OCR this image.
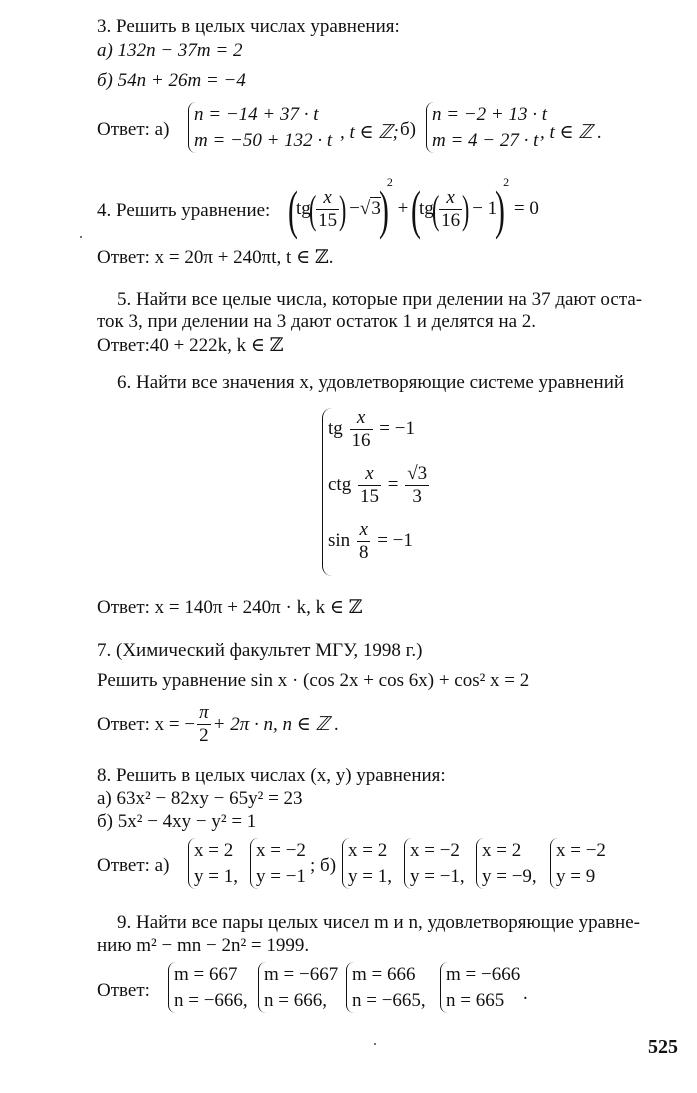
3. Решить в целых числах уравнения:
а) 132n − 37m = 2
б) 54n + 26m = −4
Ответ: а)
n = −14 + 37 · t
m = −50 + 132 · t , t ∈ ℤ; б)
n = −2 + 13 · t
m = 4 − 27 · t , t ∈ ℤ .
4. Решить уравнение: ($tg( \frac{x}{15}$ ) $-√3)^2 + (tg( \frac{x}{16}$ ) − 1)$^2$ = 0
Ответ: x = 20π + 240πt, t ∈ ℤ.
5. Найти все целые числа, которые при делении на 37 дают оста-
ток 3, при делении на 3 дают остаток 1 и делятся на 2.
Ответ:40 + 222k, k ∈ ℤ
6. Найти все значения x, удовлетворяющие системе уравнений
tg $\frac{x}{16} = -1$
ctg $\frac{x}{15} = \frac{√3}{3}$
$\sin \frac{x}{8} = -1$
Ответ: x = 140π + 240π · k, k ∈ ℤ
7. (Химический факультет МГУ, 1998 г.)
Решить уравнение sin x · (cos 2x + cos 6x) + cos² x = 2
Ответ: x = − $\frac{\pi}{2} + 2\pi \cdot n$, n ∈ ℤ .
8. Решить в целых числах (x, y) уравнения:
а) 63x² − 82xy − 65y² = 23
б) 5x² − 4xy − y² = 1
Ответ: а)
x = 2
y = 1,
x = −2
y = −1
; б)
x = 2
y = 1,
x = −2
y = −1,
x = 2
y = −9,
x = −2
y = 9
9. Найти все пары целых чисел m и n, удовлетворяющие уравне-
нию m² − mn − 2n² = 1999.
Ответ:
m = 667
n = −666,
m = −667
n = 666,
m = 666
n = −665,
m = −666
n = 665 .
525
